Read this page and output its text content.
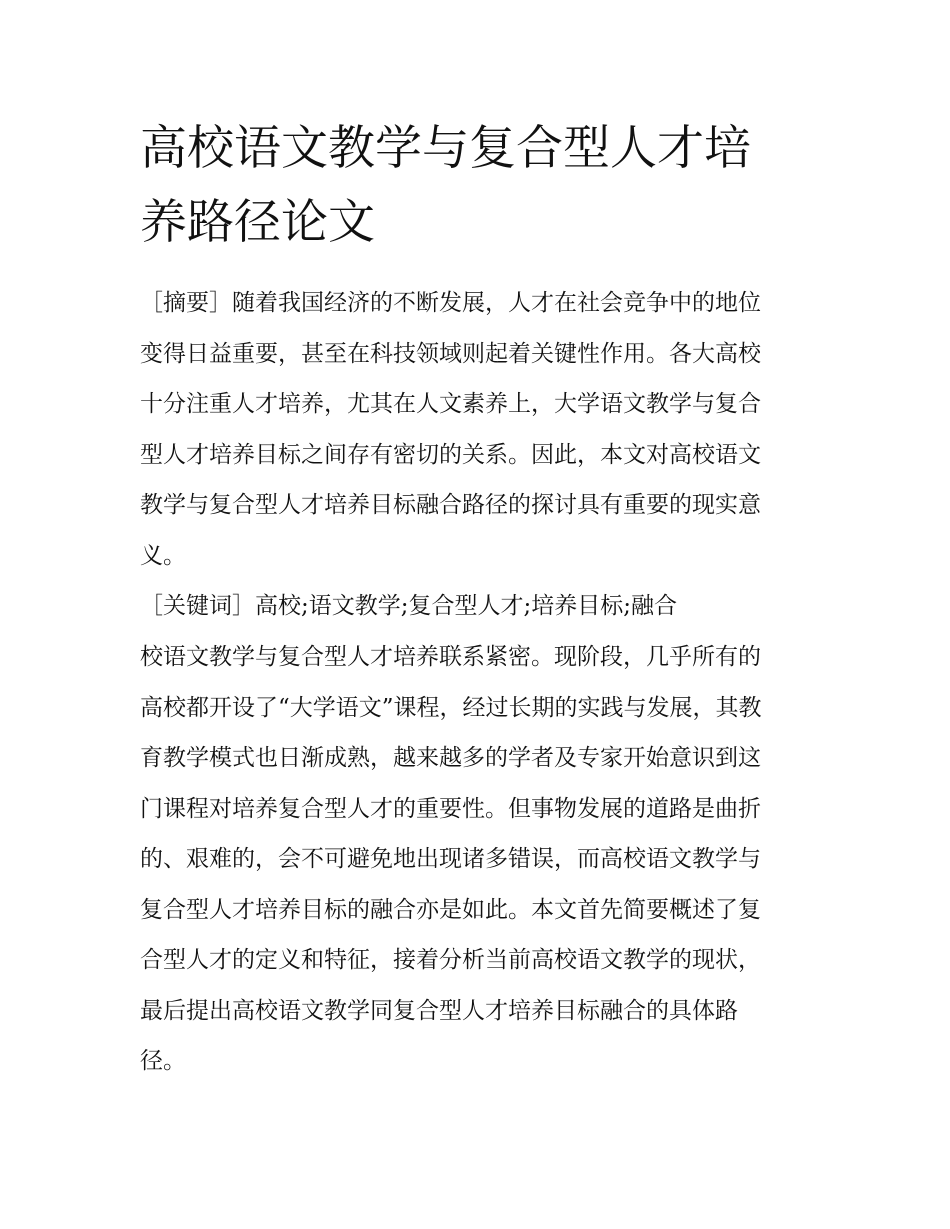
高校语文教学与复合型人才培
养路径论文
［摘要］随着我国经济的不断发展，人才在社会竞争中的地位
变得日益重要，甚至在科技领域则起着关键性作用。各大高校
十分注重人才培养，尤其在人文素养上，大学语文教学与复合
型人才培养目标之间存有密切的关系。因此，本文对高校语文
教学与复合型人才培养目标融合路径的探讨具有重要的现实意
义。
［关键词］高校;语文教学;复合型人才;培养目标;融合
校语文教学与复合型人才培养联系紧密。现阶段，几乎所有的
高校都开设了“大学语文”课程，经过长期的实践与发展，其教
育教学模式也日渐成熟，越来越多的学者及专家开始意识到这
门课程对培养复合型人才的重要性。但事物发展的道路是曲折
的、艰难的，会不可避免地出现诸多错误，而高校语文教学与
复合型人才培养目标的融合亦是如此。本文首先简要概述了复
合型人才的定义和特征，接着分析当前高校语文教学的现状，
最后提出高校语文教学同复合型人才培养目标融合的具体路
径。
